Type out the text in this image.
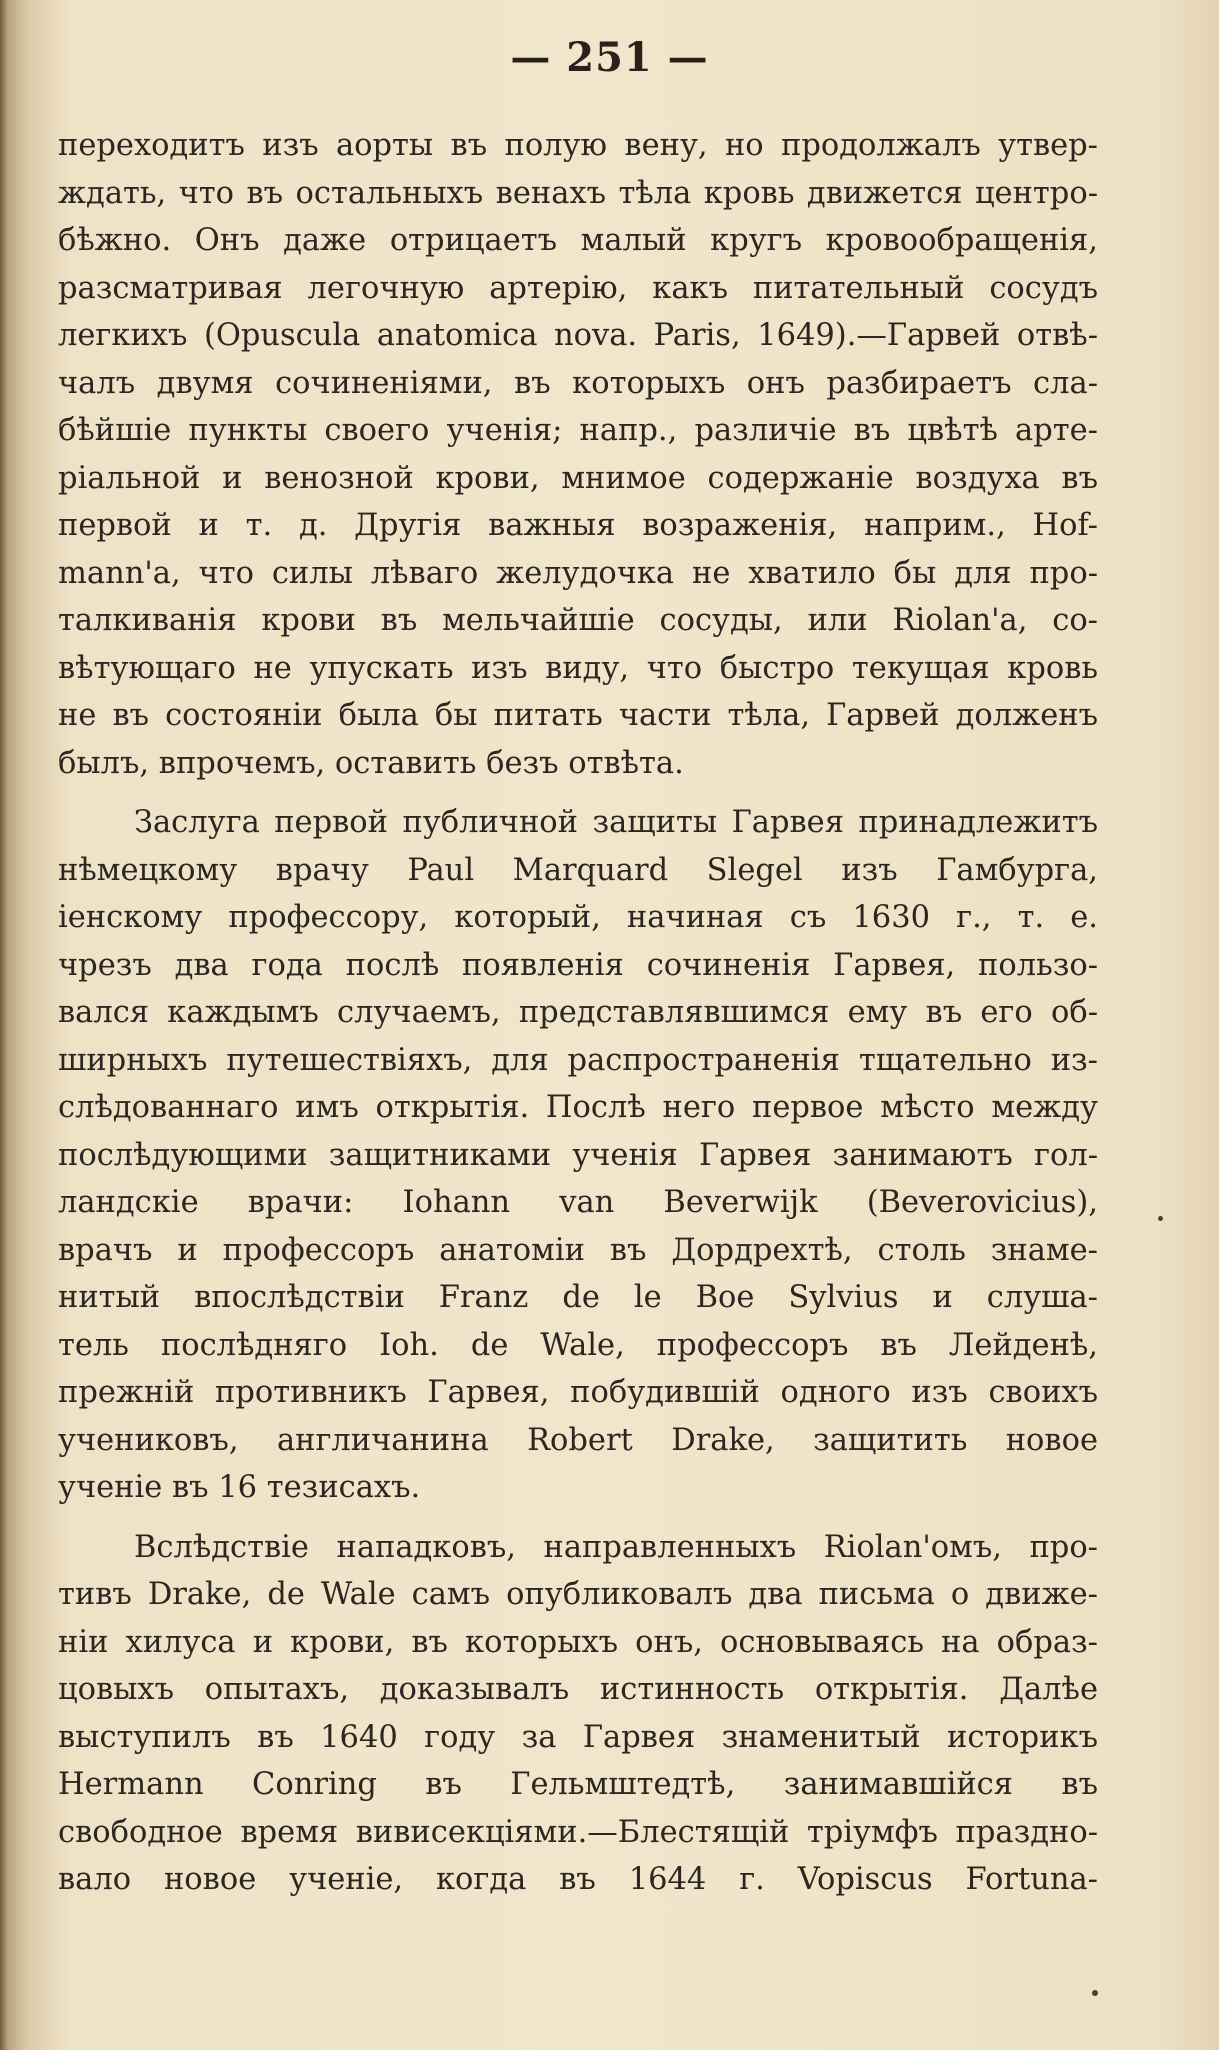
— 251 —
переходитъ изъ аорты въ полую вену, но продолжалъ утвер-
ждать, что въ остальныхъ венахъ тѣла кровь движется центро-
бѣжно. Онъ даже отрицаетъ малый кругъ кровообращенія,
разсматривая легочную артерію, какъ питательный сосудъ
легкихъ (Opuscula anatomica nova. Paris, 1649).—Гарвей отвѣ-
чалъ двумя сочиненіями, въ которыхъ онъ разбираетъ сла-
бѣйшіе пункты своего ученія; напр., различіе въ цвѣтѣ арте-
ріальной и венозной крови, мнимое содержаніе воздуха въ
первой и т. д. Другія важныя возраженія, наприм., Hof-
mann'а, что силы лѣваго желудочка не хватило бы для про-
талкиванія крови въ мельчайшіе сосуды, или Riolan'а, со-
вѣтующаго не упускать изъ виду, что быстро текущая кровь
не въ состояніи была бы питать части тѣла, Гарвей долженъ
былъ, впрочемъ, оставить безъ отвѣта.
Заслуга первой публичной защиты Гарвея принадлежитъ
нѣмецкому врачу Paul Marquard Slegel изъ Гамбурга,
іенскому профессору, который, начиная съ 1630 г., т. е.
чрезъ два года послѣ появленія сочиненія Гарвея, пользо-
вался каждымъ случаемъ, представлявшимся ему въ его об-
ширныхъ путешествіяхъ, для распространенія тщательно из-
слѣдованнаго имъ открытія. Послѣ него первое мѣсто между
послѣдующими защитниками ученія Гарвея занимаютъ гол-
ландскіе врачи: Iohann van Beverwijk (Beverovicius),
врачъ и профессоръ анатоміи въ Дордрехтѣ, столь знаме-
нитый впослѣдствіи Franz de le Boe Sylvius и слуша-
тель послѣдняго Ioh. de Wale, профессоръ въ Лейденѣ,
прежній противникъ Гарвея, побудившій одного изъ своихъ
учениковъ, англичанина Robert Drake, защитить новое
ученіе въ 16 тезисахъ.
Вслѣдствіе нападковъ, направленныхъ Riolan'омъ, про-
тивъ Drake, de Wale самъ опубликовалъ два письма о движе-
ніи хилуса и крови, въ которыхъ онъ, основываясь на образ-
цовыхъ опытахъ, доказывалъ истинность открытія. Далѣе
выступилъ въ 1640 году за Гарвея знаменитый историкъ
Hermann Conring въ Гельмштедтѣ, занимавшійся въ
свободное время вивисекціями.—Блестящій тріумфъ праздно-
вало новое ученіе, когда въ 1644 г. Vopiscus Fortuna-
